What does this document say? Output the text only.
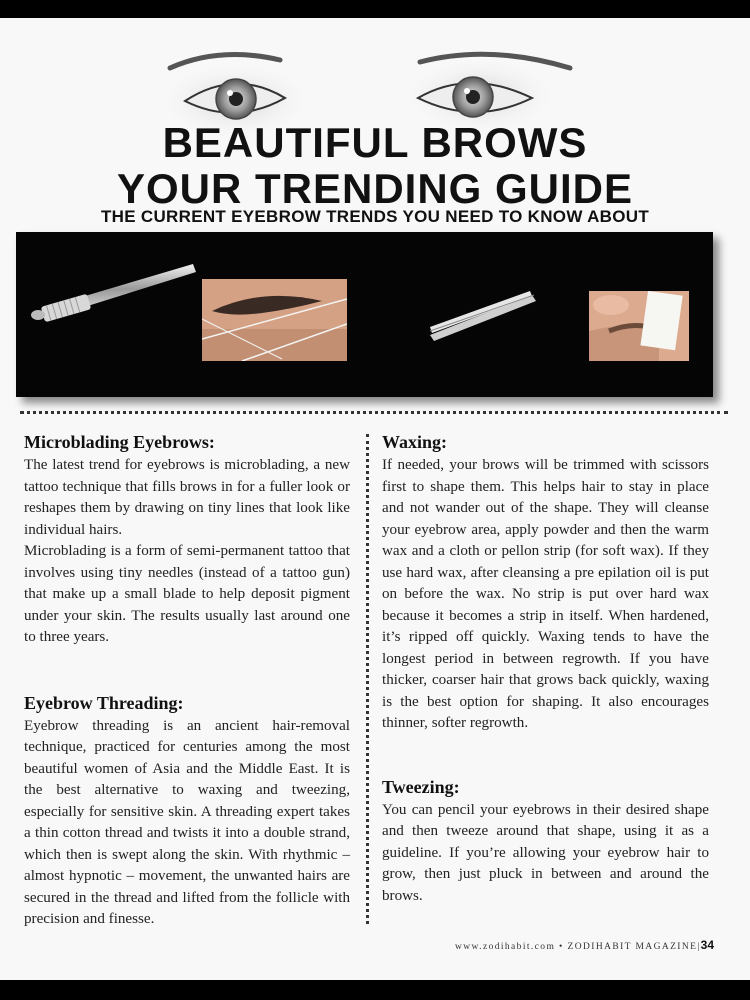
BEAUTIFUL BROWS
YOUR TRENDING GUIDE
THE CURRENT EYEBROW TRENDS YOU NEED TO KNOW ABOUT
Microblading Eyebrows:

The latest trend for eyebrows is microblading, a new tattoo technique that fills brows in for a fuller look or reshapes them by drawing on tiny lines that look like individual hairs.

Microblading is a form of semi-permanent tattoo that involves using tiny needles (instead of a tattoo gun) that make up a small blade to help deposit pigment under your skin. The results usually last around one to three years.

Eyebrow Threading:

Eyebrow threading is an ancient hair-removal technique, practiced for centuries among the most beautiful women of Asia and the Middle East. It is the best alternative to waxing and tweezing, especially for sensitive skin. A threading expert takes a thin cotton thread and twists it into a double strand, which then is swept along the skin. With rhythmic – almost hypnotic – movement, the unwanted hairs are secured in the thread and lifted from the follicle with precision and finesse.

Waxing:

If needed, your brows will be trimmed with scissors first to shape them. This helps hair to stay in place and not wander out of the shape. They will cleanse your eyebrow area, apply powder and then the warm wax and a cloth or pellon strip (for soft wax). If they use hard wax, after cleansing a pre epilation oil is put on before the wax. No strip is put over hard wax because it becomes a strip in itself. When hardened, it’s ripped off quickly. Waxing tends to have the longest period in between regrowth. If you have thicker, coarser hair that grows back quickly, waxing is the best option for shaping. It also encourages thinner, softer regrowth.

Tweezing:

You can pencil your eyebrows in their desired shape and then tweeze around that shape, using it as a guideline. If you’re allowing your eyebrow hair to grow, then just pluck in between and around the brows.

www.zodihabit.com • ZODIHABIT MAGAZINE|34
